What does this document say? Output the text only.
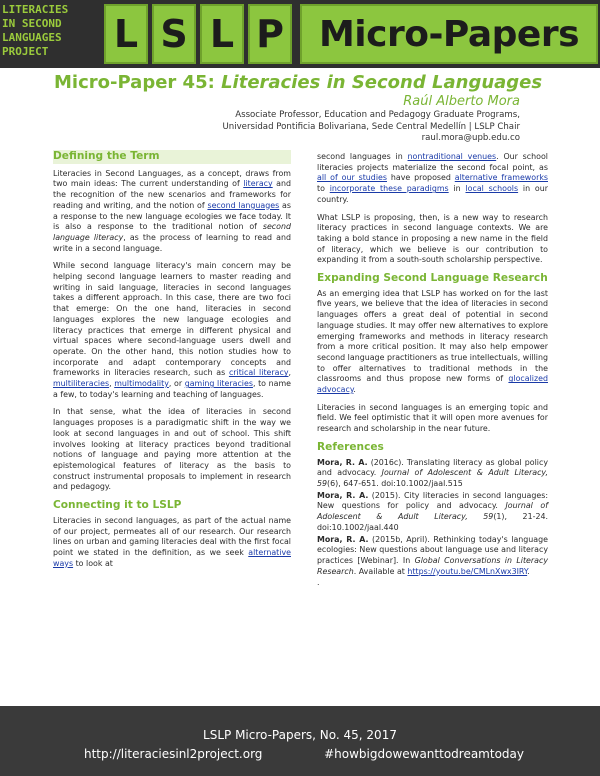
LITERACIES
IN SECOND
LANGUAGES
PROJECT	L S L P Micro-Papers
Micro-Paper 45: Literacies in Second Languages
Raúl Alberto Mora
Associate Professor, Education and Pedagogy Graduate Programs,
Universidad Pontificia Bolivariana, Sede Central Medellín | LSLP Chair
raul.mora@upb.edu.co
Defining the Term

Literacies in Second Languages, as a concept, draws from two main ideas: The current understanding of literacy and the recognition of the new scenarios and frameworks for reading and writing, and the notion of second languages as a response to the new language ecologies we face today. It is also a response to the traditional notion of second language literacy, as the process of learning to read and write in a second language.

While second language literacy's main concern may be helping second language learners to master reading and writing in said language, literacies in second languages takes a different approach. In this case, there are two foci that emerge: On the one hand, literacies in second languages explores the new language ecologies and literacy practices that emerge in different physical and virtual spaces where second-language users dwell and operate. On the other hand, this notion studies how to incorporate and adapt contemporary concepts and frameworks in literacies research, such as critical literacy, multiliteracies, multimodality, or gaming literacies, to name a few, to today's learning and teaching of languages.

In that sense, what the idea of literacies in second languages proposes is a paradigmatic shift in the way we look at second languages in and out of school. This shift involves looking at literacy practices beyond traditional notions of language and paying more attention at the epistemological features of literacy as the basis to construct instrumental proposals to implement in research and pedagogy.

Connecting it to LSLP

Literacies in second languages, as part of the actual name of our project, permeates all of our research. Our research lines on urban and gaming literacies deal with the first focal point we stated in the definition, as we seek alternative ways to look at

second languages in nontraditional venues. Our school literacies projects materialize the second focal point, as all of our studies have proposed alternative frameworks to incorporate these paradigms in local schools in our country.

What LSLP is proposing, then, is a new way to research literacy practices in second language contexts. We are taking a bold stance in proposing a new name in the field of literacy, which we believe is our contribution to expanding it from a south-south scholarship perspective.

Expanding Second Language Research

As an emerging idea that LSLP has worked on for the last five years, we believe that the idea of literacies in second languages offers a great deal of potential in second language studies. It may offer new alternatives to explore emerging frameworks and methods in literacy research from a more critical position. It may also help empower second language practitioners as true intellectuals, willing to offer alternatives to traditional methods in the classrooms and thus propose new forms of glocalized advocacy.

Literacies in second languages is an emerging topic and field. We feel optimistic that it will open more avenues for research and scholarship in the near future.

References

Mora, R. A. (2016c). Translating literacy as global policy and advocacy. Journal of Adolescent & Adult Literacy, 59(6), 647-651. doi:10.1002/jaal.515

Mora, R. A. (2015). City literacies in second languages: New questions for policy and advocacy. Journal of Adolescent & Adult Literacy, 59(1), 21-24. doi:10.1002/jaal.440

Mora, R. A. (2015b, April). Rethinking today's language ecologies: New questions about language use and literacy practices [Webinar]. In Global Conversations in Literacy Research. Available at https://youtu.be/CMLnXwx3IRY.

.

LSLP Micro-Papers, No. 45, 2017
http://literaciesinl2project.org	#howbigdowewanttodreamtoday
